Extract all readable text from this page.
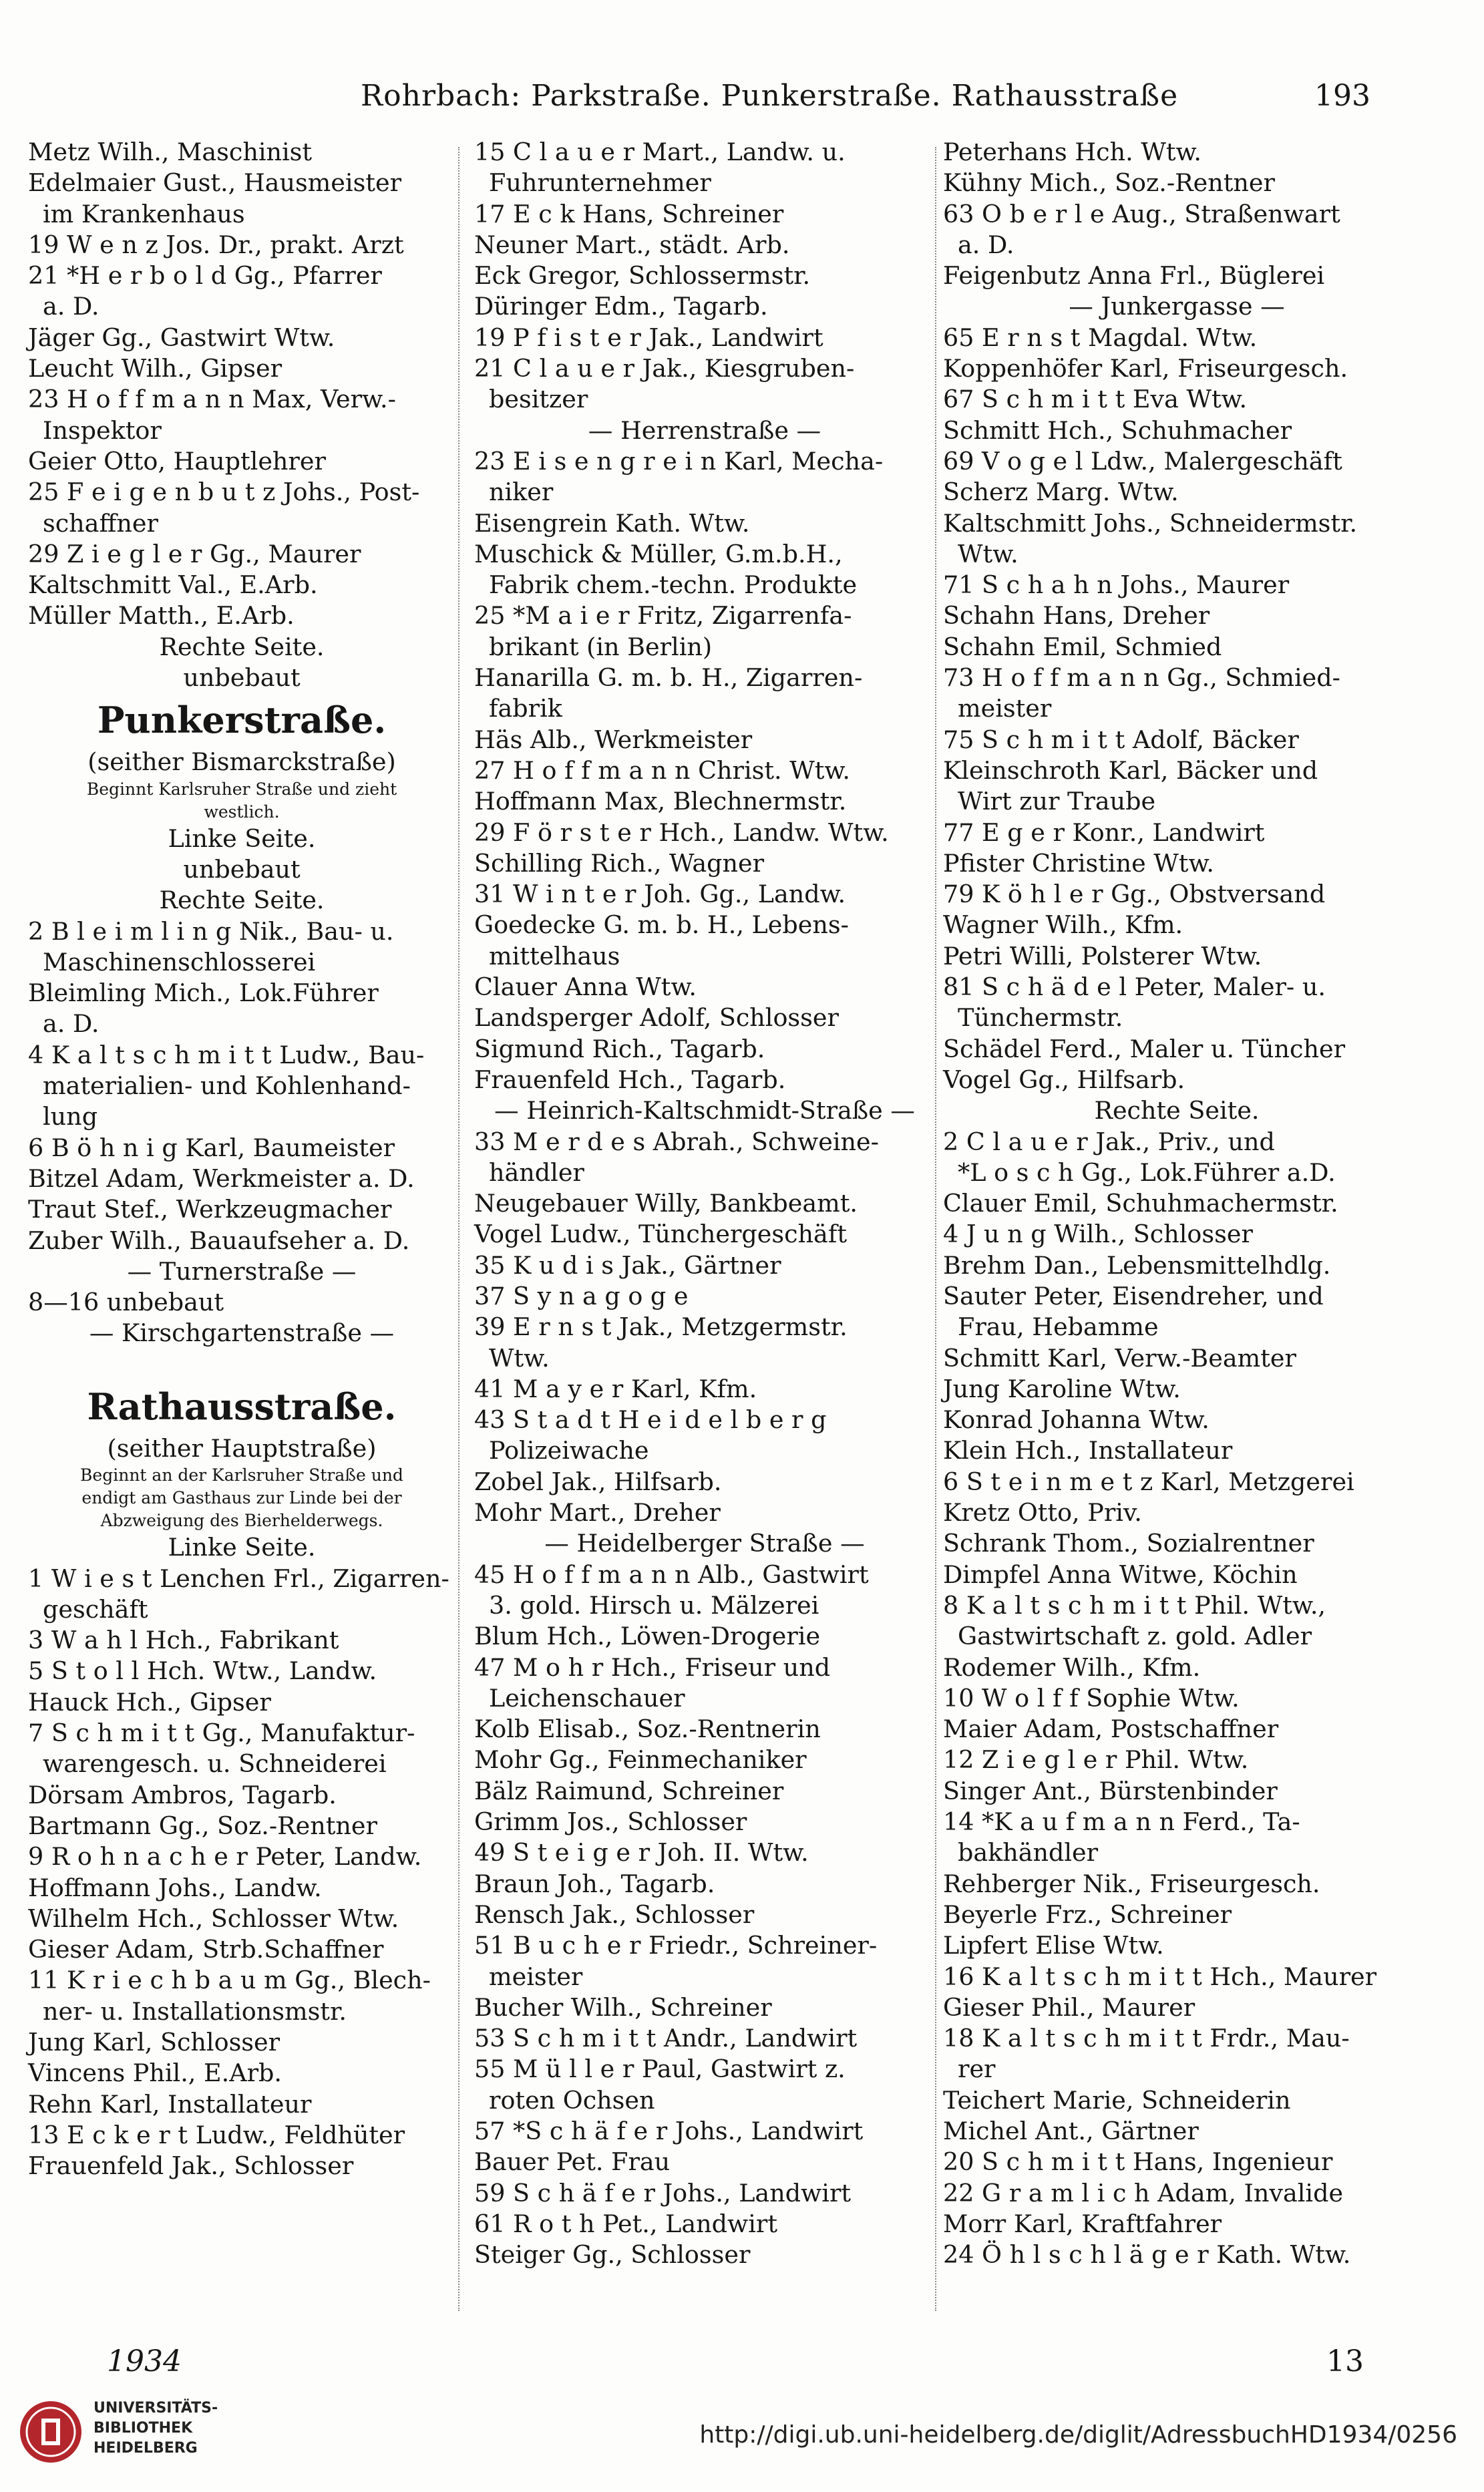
Rohrbach: Parkstraße. Punkerstraße. Rathausstraße	193
Metz Wilh., Maschinist
Edelmaier Gust., Hausmeister
im Krankenhaus
19 W e n z Jos. Dr., prakt. Arzt
21 *H e r b o l d Gg., Pfarrer
a. D.
Jäger Gg., Gastwirt Wtw.
Leucht Wilh., Gipser
23 H o f f m a n n Max, Verw.-
Inspektor
Geier Otto, Hauptlehrer
25 F e i g e n b u t z Johs., Post-
schaffner
29 Z i e g l e r Gg., Maurer
Kaltschmitt Val., E.Arb.
Müller Matth., E.Arb.
Rechte Seite.
unbebaut
Punkerstraße.
(seither Bismarckstraße)
Beginnt Karlsruher Straße und zieht
westlich.
Linke Seite.
unbebaut
Rechte Seite.
2 B l e i m l i n g Nik., Bau- u.
Maschinenschlosserei
Bleimling Mich., Lok.Führer
a. D.
4 K a l t s c h m i t t Ludw., Bau-
materialien- und Kohlenhand-
lung
6 B ö h n i g Karl, Baumeister
Bitzel Adam, Werkmeister a. D.
Traut Stef., Werkzeugmacher
Zuber Wilh., Bauaufseher a. D.
— Turnerstraße —
8—16 unbebaut
— Kirschgartenstraße —
Rathausstraße.
(seither Hauptstraße)
Beginnt an der Karlsruher Straße und
endigt am Gasthaus zur Linde bei der
Abzweigung des Bierhelderwegs.
Linke Seite.
1 W i e s t Lenchen Frl., Zigarren-
geschäft
3 W a h l Hch., Fabrikant
5 S t o l l Hch. Wtw., Landw.
Hauck Hch., Gipser
7 S c h m i t t Gg., Manufaktur-
warengesch. u. Schneiderei
Dörsam Ambros, Tagarb.
Bartmann Gg., Soz.-Rentner
9 R o h n a c h e r Peter, Landw.
Hoffmann Johs., Landw.
Wilhelm Hch., Schlosser Wtw.
Gieser Adam, Strb.Schaffner
11 K r i e c h b a u m Gg., Blech-
ner- u. Installationsmstr.
Jung Karl, Schlosser
Vincens Phil., E.Arb.
Rehn Karl, Installateur
13 E c k e r t Ludw., Feldhüter
Frauenfeld Jak., Schlosser
15 C l a u e r Mart., Landw. u.
Fuhrunternehmer
17 E c k Hans, Schreiner
Neuner Mart., städt. Arb.
Eck Gregor, Schlossermstr.
Düringer Edm., Tagarb.
19 P f i s t e r Jak., Landwirt
21 C l a u e r Jak., Kiesgruben-
besitzer
— Herrenstraße —
23 E i s e n g r e i n Karl, Mecha-
niker
Eisengrein Kath. Wtw.
Muschick & Müller, G.m.b.H.,
Fabrik chem.-techn. Produkte
25 *M a i e r Fritz, Zigarrenfa-
brikant (in Berlin)
Hanarilla G. m. b. H., Zigarren-
fabrik
Häs Alb., Werkmeister
27 H o f f m a n n Christ. Wtw.
Hoffmann Max, Blechnermstr.
29 F ö r s t e r Hch., Landw. Wtw.
Schilling Rich., Wagner
31 W i n t e r Joh. Gg., Landw.
Goedecke G. m. b. H., Lebens-
mittelhaus
Clauer Anna Wtw.
Landsperger Adolf, Schlosser
Sigmund Rich., Tagarb.
Frauenfeld Hch., Tagarb.
— Heinrich-Kaltschmidt-Straße —
33 M e r d e s Abrah., Schweine-
händler
Neugebauer Willy, Bankbeamt.
Vogel Ludw., Tünchergeschäft
35 K u d i s Jak., Gärtner
37 S y n a g o g e
39 E r n s t Jak., Metzgermstr.
Wtw.
41 M a y e r Karl, Kfm.
43 S t a d t H e i d e l b e r g
Polizeiwache
Zobel Jak., Hilfsarb.
Mohr Mart., Dreher
— Heidelberger Straße —
45 H o f f m a n n Alb., Gastwirt
3. gold. Hirsch u. Mälzerei
Blum Hch., Löwen-Drogerie
47 M o h r Hch., Friseur und
Leichenschauer
Kolb Elisab., Soz.-Rentnerin
Mohr Gg., Feinmechaniker
Bälz Raimund, Schreiner
Grimm Jos., Schlosser
49 S t e i g e r Joh. II. Wtw.
Braun Joh., Tagarb.
Rensch Jak., Schlosser
51 B u c h e r Friedr., Schreiner-
meister
Bucher Wilh., Schreiner
53 S c h m i t t Andr., Landwirt
55 M ü l l e r Paul, Gastwirt z.
roten Ochsen
57 *S c h ä f e r Johs., Landwirt
Bauer Pet. Frau
59 S c h ä f e r Johs., Landwirt
61 R o t h Pet., Landwirt
Steiger Gg., Schlosser
Peterhans Hch. Wtw.
Kühny Mich., Soz.-Rentner
63 O b e r l e Aug., Straßenwart
a. D.
Feigenbutz Anna Frl., Büglerei
— Junkergasse —
65 E r n s t Magdal. Wtw.
Koppenhöfer Karl, Friseurgesch.
67 S c h m i t t Eva Wtw.
Schmitt Hch., Schuhmacher
69 V o g e l Ldw., Malergeschäft
Scherz Marg. Wtw.
Kaltschmitt Johs., Schneidermstr.
Wtw.
71 S c h a h n Johs., Maurer
Schahn Hans, Dreher
Schahn Emil, Schmied
73 H o f f m a n n Gg., Schmied-
meister
75 S c h m i t t Adolf, Bäcker
Kleinschroth Karl, Bäcker und
Wirt zur Traube
77 E g e r Konr., Landwirt
Pfister Christine Wtw.
79 K ö h l e r Gg., Obstversand
Wagner Wilh., Kfm.
Petri Willi, Polsterer Wtw.
81 S c h ä d e l Peter, Maler- u.
Tünchermstr.
Schädel Ferd., Maler u. Tüncher
Vogel Gg., Hilfsarb.
Rechte Seite.
2 C l a u e r Jak., Priv., und
*L o s c h Gg., Lok.Führer a.D.
Clauer Emil, Schuhmachermstr.
4 J u n g Wilh., Schlosser
Brehm Dan., Lebensmittelhdlg.
Sauter Peter, Eisendreher, und
Frau, Hebamme
Schmitt Karl, Verw.-Beamter
Jung Karoline Wtw.
Konrad Johanna Wtw.
Klein Hch., Installateur
6 S t e i n m e t z Karl, Metzgerei
Kretz Otto, Priv.
Schrank Thom., Sozialrentner
Dimpfel Anna Witwe, Köchin
8 K a l t s c h m i t t Phil. Wtw.,
Gastwirtschaft z. gold. Adler
Rodemer Wilh., Kfm.
10 W o l f f Sophie Wtw.
Maier Adam, Postschaffner
12 Z i e g l e r Phil. Wtw.
Singer Ant., Bürstenbinder
14 *K a u f m a n n Ferd., Ta-
bakhändler
Rehberger Nik., Friseurgesch.
Beyerle Frz., Schreiner
Lipfert Elise Wtw.
16 K a l t s c h m i t t Hch., Maurer
Gieser Phil., Maurer
18 K a l t s c h m i t t Frdr., Mau-
rer
Teichert Marie, Schneiderin
Michel Ant., Gärtner
20 S c h m i t t Hans, Ingenieur
22 G r a m l i c h Adam, Invalide
Morr Karl, Kraftfahrer
24 Ö h l s c h l ä g e r Kath. Wtw.
1934	13
UNIVERSITÄTS-
BIBLIOTHEK
HEIDELBERG	http://digi.ub.uni-heidelberg.de/diglit/AdressbuchHD1934/0256
